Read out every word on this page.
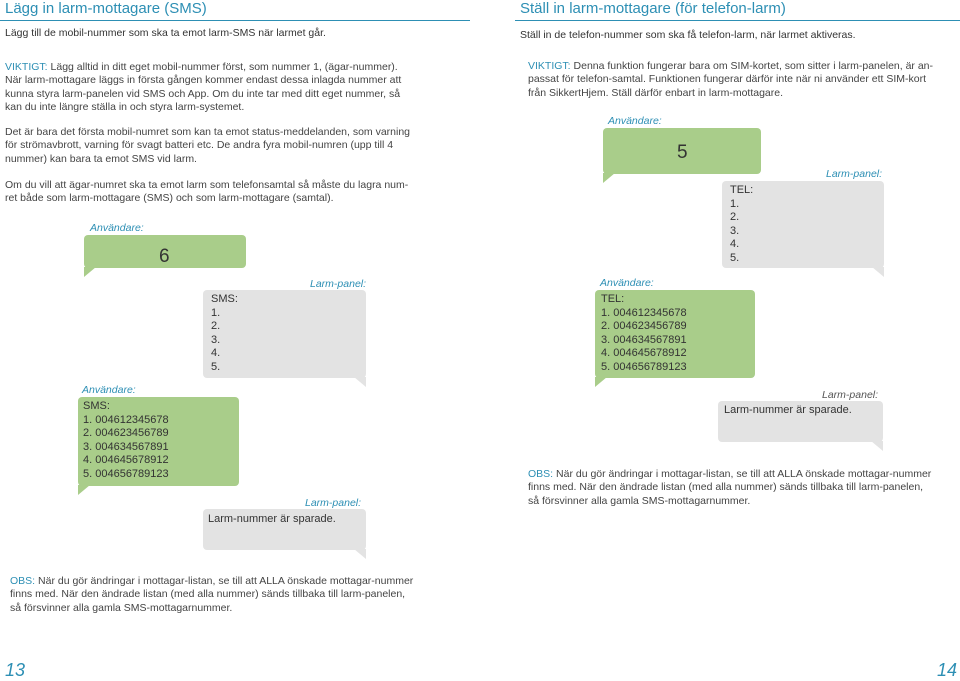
Lägg in larm-mottagare (SMS)
Lägg till de mobil-nummer som ska ta emot larm-SMS när larmet går.
VIKTIGT: Lägg alltid in ditt eget mobil-nummer först, som nummer 1, (ägar-nummer).
När larm-mottagare läggs in första gången kommer endast dessa inlagda nummer att
kunna styra larm-panelen vid SMS och App. Om du inte tar med ditt eget nummer, så
kan du inte längre ställa in och styra larm-systemet.
Det är bara det första mobil-numret som kan ta emot status-meddelanden, som varning
för strömavbrott, varning för svagt batteri etc. De andra fyra mobil-numren (upp till 4
nummer) kan bara ta emot SMS vid larm.
Om du vill att ägar-numret ska ta emot larm som telefonsamtal så måste du lagra num-
ret både som larm-mottagare (SMS) och som larm-mottagare (samtal).
Användare:
6
Larm-panel:
SMS:
1.
2.
3.
4.
5.
Användare:
SMS:
1. 004612345678
2. 004623456789
3. 004634567891
4. 004645678912
5. 004656789123
Larm-panel:
Larm-nummer är sparade.
OBS: När du gör ändringar i mottagar-listan, se till att ALLA önskade mottagar-nummer
finns med. När den ändrade listan (med alla nummer) sänds tillbaka till larm-panelen,
så försvinner alla gamla SMS-mottagarnummer.
13
Ställ in larm-mottagare (för telefon-larm)
Ställ in de telefon-nummer som ska få telefon-larm, när larmet aktiveras.
VIKTIGT: Denna funktion fungerar bara om SIM-kortet, som sitter i larm-panelen, är an-
passat för telefon-samtal. Funktionen fungerar därför inte när ni använder ett SIM-kort
från SikkertHjem. Ställ därför enbart in larm-mottagare.
Användare:
5
Larm-panel:
TEL:
1.
2.
3.
4.
5.
Användare:
TEL:
1. 004612345678
2. 004623456789
3. 004634567891
4. 004645678912
5. 004656789123
Larm-panel:
Larm-nummer är sparade.
OBS: När du gör ändringar i mottagar-listan, se till att ALLA önskade mottagar-nummer
finns med. När den ändrade listan (med alla nummer) sänds tillbaka till larm-panelen,
så försvinner alla gamla SMS-mottagarnummer.
14
